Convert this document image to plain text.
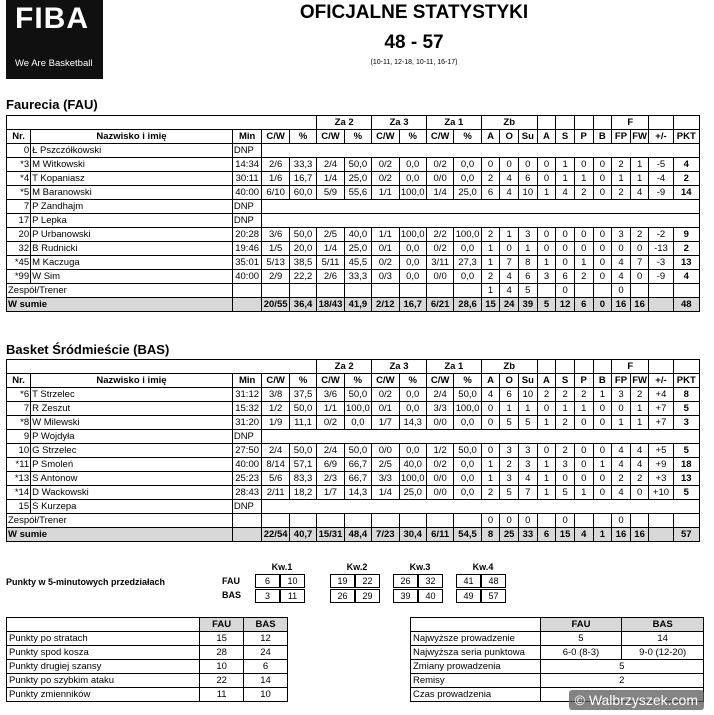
FIBA
We Are Basketball
OFICJALNE STATYSTYKI
48 - 57
(10-11, 12-18, 10-11, 16-17)
Faurecia (FAU)
					Za 2		Za 3		Za 1		Zb							F			
Nr.	Nazwisko i imię	Min	C/W	%	C/W	%	C/W	%	C/W	%	A	O	Su	A	S	P	B	FP	FW	+/-	PKT
0	Ł Pszczółkowski	DNP																			
*3	M Witkowski	14:34	2/6	33,3	2/4	50,0	0/2	0,0	0/2	0,0	0	0	0	0	1	0	0	2	1	-5	4
*4	T Kopaniasz	30:11	1/6	16,7	1/4	25,0	0/2	0,0	0/0	0,0	2	4	6	0	1	1	0	1	1	-4	2
*5	M Baranowski	40:00	6/10	60,0	5/9	55,6	1/1	100,0	1/4	25,0	6	4	10	1	4	2	0	2	4	-9	14
7	P Zandhajm	DNP																			
17	P Lepka	DNP																			
20	P Urbanowski	20:28	3/6	50,0	2/5	40,0	1/1	100,0	2/2	100,0	2	1	3	0	0	0	0	3	2	-2	9
32	B Rudnicki	19:46	1/5	20,0	1/4	25,0	0/1	0,0	0/2	0,0	1	0	1	0	0	0	0	0	0	-13	2
*45	M Kaczuga	35:01	5/13	38,5	5/11	45,5	0/2	0,0	3/11	27,3	1	7	8	1	0	1	0	4	7	-3	13
*99	W Sim	40:00	2/9	22,2	2/6	33,3	0/3	0,0	0/0	0,0	2	4	6	3	6	2	0	4	0	-9	4
Zespół/Trener											1	4	5		0			0			
W sumie			20/55	36,4	18/43	41,9	2/12	16,7	6/21	28,6	15	24	39	5	12	6	0	16	16		48
Basket Śródmieście (BAS)
					Za 2		Za 3		Za 1		Zb							F			
Nr.	Nazwisko i imię	Min	C/W	%	C/W	%	C/W	%	C/W	%	A	O	Su	A	S	P	B	FP	FW	+/-	PKT
*6	T Strzelec	31:12	3/8	37,5	3/6	50,0	0/2	0,0	2/4	50,0	4	6	10	2	2	2	1	3	2	+4	8
7	R Zeszut	15:32	1/2	50,0	1/1	100,0	0/1	0,0	3/3	100,0	0	1	1	0	1	1	0	0	1	+7	5
*8	W Milewski	31:20	1/9	11,1	0/2	0,0	1/7	14,3	0/0	0,0	0	5	5	1	2	0	0	1	1	+7	3
9	P Wojdyła	DNP																			
10	G Strzelec	27:50	2/4	50,0	2/4	50,0	0/0	0,0	1/2	50,0	0	3	3	0	2	0	0	4	4	+5	5
*11	P Smoleń	40:00	8/14	57,1	6/9	66,7	2/5	40,0	0/2	0,0	1	2	3	1	3	0	1	4	4	+9	18
*13	S Antonow	25:23	5/6	83,3	2/3	66,7	3/3	100,0	0/0	0,0	1	3	4	1	0	0	0	2	2	+3	13
*14	D Wackowski	28:43	2/11	18,2	1/7	14,3	1/4	25,0	0/0	0,0	2	5	7	1	5	1	0	4	0	+10	5
15	S Kurzepa	DNP																			
Zespół/Trener											0	0	0		0			0			
W sumie			22/54	40,7	15/31	48,4	7/23	30,4	6/11	54,5	8	25	33	6	15	4	1	16	16		57
Punkty w 5-minutowych przedziałach
Kw.1	Kw.2	Kw.3	Kw.4
FAU
BAS
6	10	19	22	26	32	41	48
3	11	26	29	39	40	49	57
	FAU	BAS
Punkty po stratach	15	12
Punkty spod kosza	28	24
Punkty drugiej szansy	10	6
Punkty po szybkim ataku	22	14
Punkty zmienników	11	10
	FAU	BAS
Najwyższe prowadzenie	5	14
Najwyższa seria punktowa	6-0 (8-3)	9-0 (12-20)
Zmiany prowadzenia	5	
Remisy	2	
Czas prowadzenia			© Walbrzyszek.com
